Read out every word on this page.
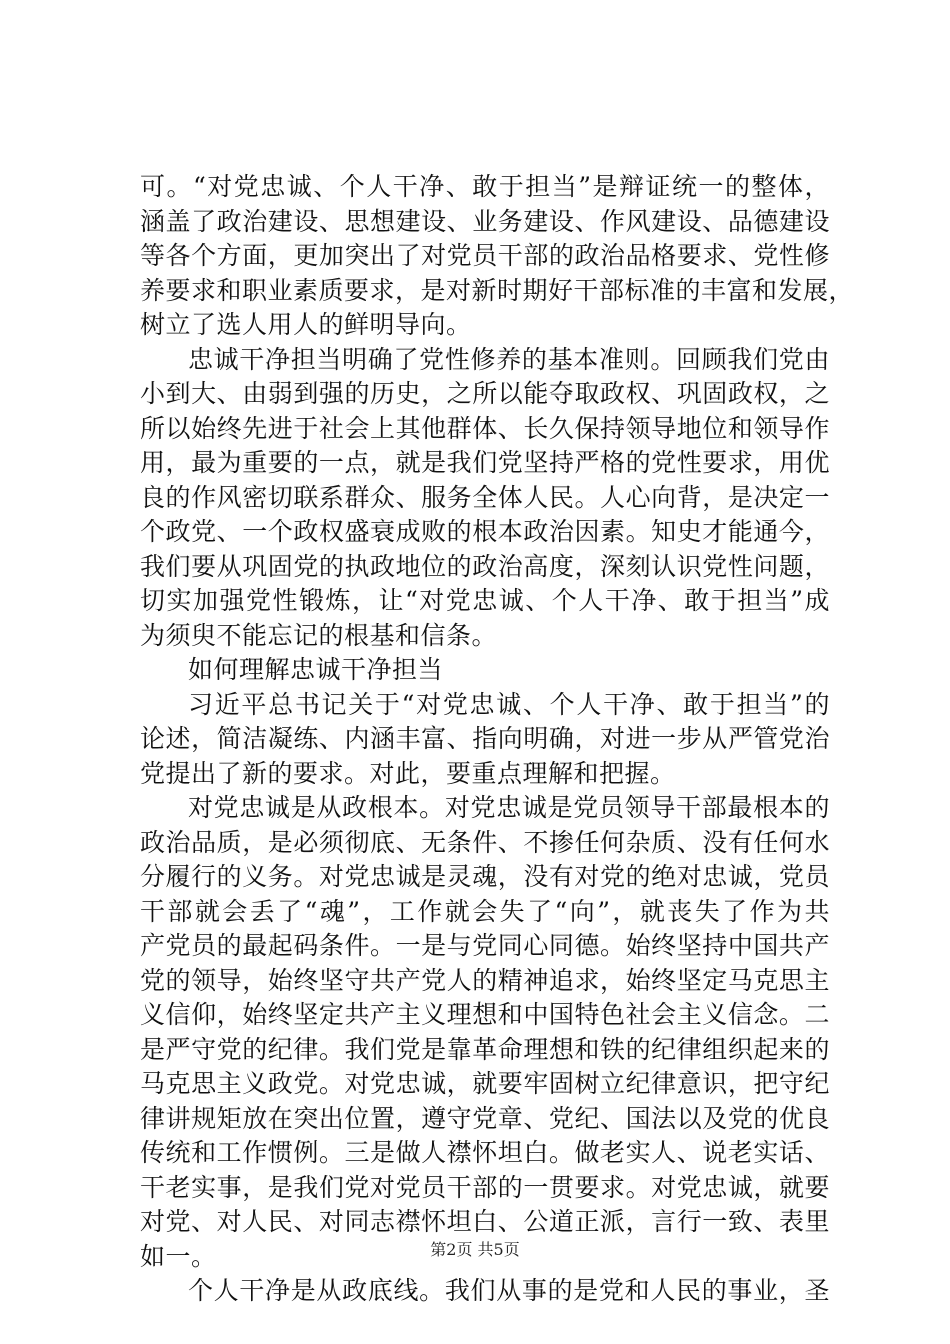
可。“对党忠诚、个人干净、敢于担当”是辩证统一的整体，
涵盖了政治建设、思想建设、业务建设、作风建设、品德建设
等各个方面，更加突出了对党员干部的政治品格要求、党性修
养要求和职业素质要求，是对新时期好干部标准的丰富和发展，
树立了选人用人的鲜明导向。
忠诚干净担当明确了党性修养的基本准则。回顾我们党由
小到大、由弱到强的历史，之所以能夺取政权、巩固政权，之
所以始终先进于社会上其他群体、长久保持领导地位和领导作
用，最为重要的一点，就是我们党坚持严格的党性要求，用优
良的作风密切联系群众、服务全体人民。人心向背，是决定一
个政党、一个政权盛衰成败的根本政治因素。知史才能通今，
我们要从巩固党的执政地位的政治高度，深刻认识党性问题，
切实加强党性锻炼，让“对党忠诚、个人干净、敢于担当”成
为须臾不能忘记的根基和信条。
如何理解忠诚干净担当
习近平总书记关于“对党忠诚、个人干净、敢于担当”的
论述，简洁凝练、内涵丰富、指向明确，对进一步从严管党治
党提出了新的要求。对此，要重点理解和把握。
对党忠诚是从政根本。对党忠诚是党员领导干部最根本的
政治品质，是必须彻底、无条件、不掺任何杂质、没有任何水
分履行的义务。对党忠诚是灵魂，没有对党的绝对忠诚，党员
干部就会丢了“魂”，工作就会失了“向”，就丧失了作为共
产党员的最起码条件。一是与党同心同德。始终坚持中国共产
党的领导，始终坚守共产党人的精神追求，始终坚定马克思主
义信仰，始终坚定共产主义理想和中国特色社会主义信念。二
是严守党的纪律。我们党是靠革命理想和铁的纪律组织起来的
马克思主义政党。对党忠诚，就要牢固树立纪律意识，把守纪
律讲规矩放在突出位置，遵守党章、党纪、国法以及党的优良
传统和工作惯例。三是做人襟怀坦白。做老实人、说老实话、
干老实事，是我们党对党员干部的一贯要求。对党忠诚，就要
对党、对人民、对同志襟怀坦白、公道正派，言行一致、表里
如一。
个人干净是从政底线。我们从事的是党和人民的事业，圣
第2页 共5页
